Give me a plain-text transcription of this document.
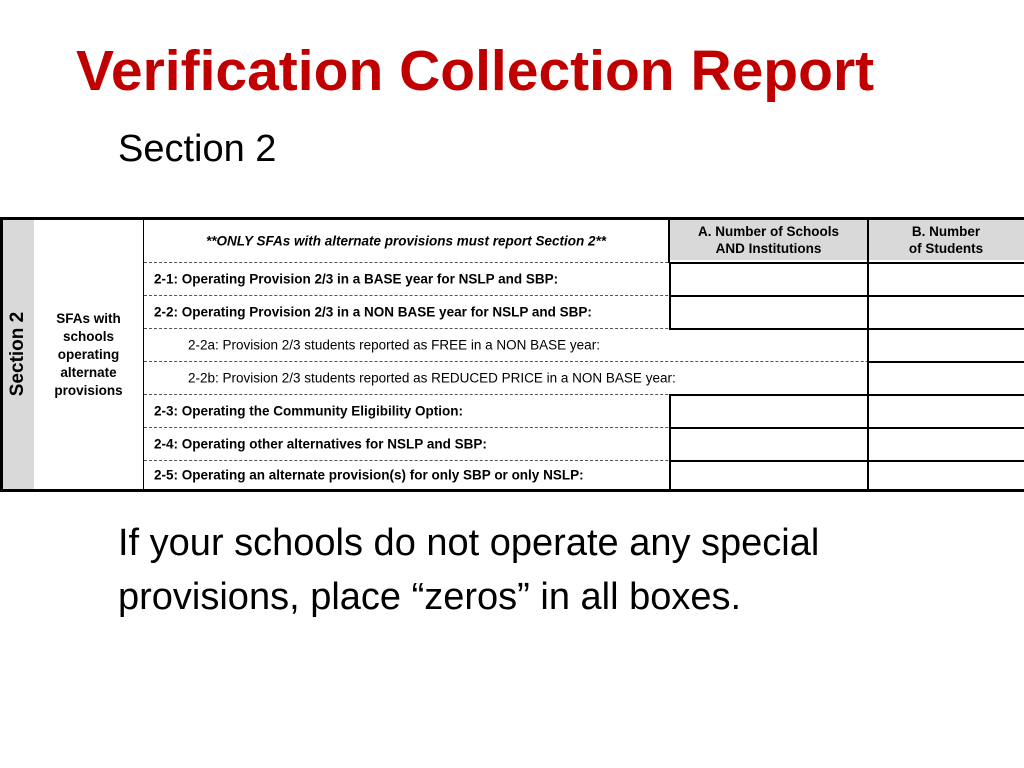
Verification Collection Report
Section 2
Section 2	SFAs with schools operating alternate provisions
**ONLY SFAs with alternate provisions must report Section 2**
A. Number of Schools
AND Institutions
B. Number
of Students
2-1: Operating Provision 2/3 in a BASE year for NSLP and SBP:
2-2: Operating Provision 2/3 in a NON BASE year for NSLP and SBP:
2-2a: Provision 2/3 students reported as FREE in a NON BASE year:
2-2b: Provision 2/3 students reported as REDUCED PRICE in a NON BASE year:
2-3: Operating the Community Eligibility Option:
2-4: Operating other alternatives for NSLP and SBP:
2-5: Operating an alternate provision(s) for only SBP or only NSLP:
If your schools do not operate any special provisions, place “zeros” in all boxes.
